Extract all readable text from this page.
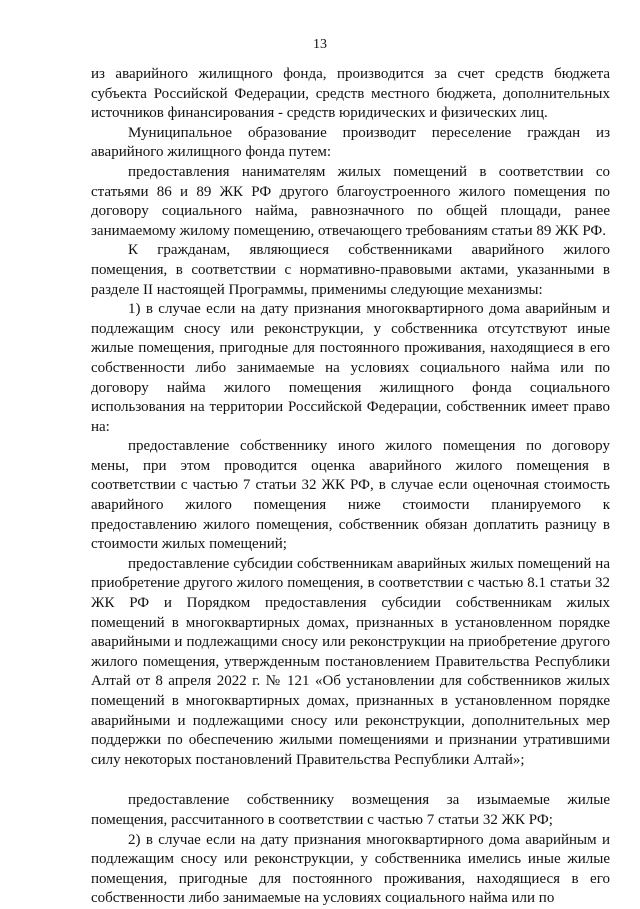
13

из аварийного жилищного фонда, производится за счет средств бюджета субъекта Российской Федерации, средств местного бюджета, дополнительных источников финансирования - средств юридических и физических лиц.

Муниципальное образование производит переселение граждан из аварийного жилищного фонда путем:

предоставления нанимателям жилых помещений в соответствии со статьями 86 и 89 ЖК РФ другого благоустроенного жилого помещения по договору социального найма, равнозначного по общей площади, ранее занимаемому жилому помещению, отвечающего требованиям статьи 89 ЖК РФ.

К гражданам, являющиеся собственниками аварийного жилого помещения, в соответствии с нормативно-правовыми актами, указанными в разделе II настоящей Программы, применимы следующие механизмы:

1) в случае если на дату признания многоквартирного дома аварийным и подлежащим сносу или реконструкции, у собственника отсутствуют иные жилые помещения, пригодные для постоянного проживания, находящиеся в его собственности либо занимаемые на условиях социального найма или по договору найма жилого помещения жилищного фонда социального использования на территории Российской Федерации, собственник имеет право на:

предоставление собственнику иного жилого помещения по договору мены, при этом проводится оценка аварийного жилого помещения в соответствии с частью 7 статьи 32 ЖК РФ, в случае если оценочная стоимость аварийного жилого помещения ниже стоимости планируемого к предоставлению жилого помещения, собственник обязан доплатить разницу в стоимости жилых помещений;

предоставление субсидии собственникам аварийных жилых помещений на приобретение другого жилого помещения, в соответствии с частью 8.1 статьи 32 ЖК РФ и Порядком предоставления субсидии собственникам жилых помещений в многоквартирных домах, признанных в установленном порядке аварийными и подлежащими сносу или реконструкции на приобретение другого жилого помещения, утвержденным постановлением Правительства Республики Алтай от 8 апреля 2022 г. № 121 «Об установлении для собственников жилых помещений в многоквартирных домах, признанных в установленном порядке аварийными и подлежащими сносу или реконструкции, дополнительных мер поддержки по обеспечению жилыми помещениями и признании утратившими силу некоторых постановлений Правительства Республики Алтай»;

предоставление собственнику возмещения за изымаемые жилые помещения, рассчитанного в соответствии с частью 7 статьи 32 ЖК РФ;

2) в случае если на дату признания многоквартирного дома аварийным и подлежащим сносу или реконструкции, у собственника имелись иные жилые помещения, пригодные для постоянного проживания, находящиеся в его собственности либо занимаемые на условиях социального найма или по
